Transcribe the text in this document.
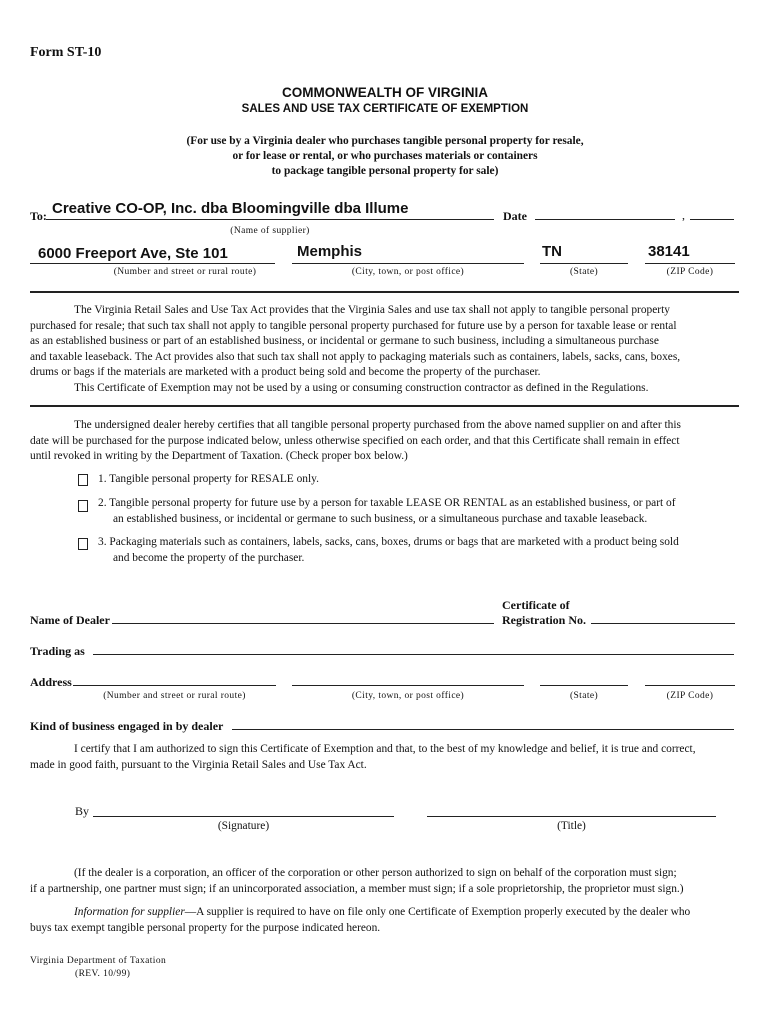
Form ST-10
COMMONWEALTH OF VIRGINIA
SALES AND USE TAX CERTIFICATE OF EXEMPTION
(For use by a Virginia dealer who purchases tangible personal property for resale,
or for lease or rental, or who purchases materials or containers
to package tangible personal property for sale)
To: Creative CO-OP, Inc. dba Bloomingville dba Illume
(Name of supplier)
Date	,
6000 Freeport Ave, Ste 101	Memphis	TN	38141
(Number and street or rural route)	(City, town, or post office)	(State)	(ZIP Code)
The Virginia Retail Sales and Use Tax Act provides that the Virginia Sales and use tax shall not apply to tangible personal property
purchased for resale; that such tax shall not apply to tangible personal property purchased for future use by a person for taxable lease or rental
as an established business or part of an established business, or incidental or germane to such business, including a simultaneous purchase
and taxable leaseback. The Act provides also that such tax shall not apply to packaging materials such as containers, labels, sacks, cans, boxes,
drums or bags if the materials are marketed with a product being sold and become the property of the purchaser.
This Certificate of Exemption may not be used by a using or consuming construction contractor as defined in the Regulations.
The undersigned dealer hereby certifies that all tangible personal property purchased from the above named supplier on and after this
date will be purchased for the purpose indicated below, unless otherwise specified on each order, and that this Certificate shall remain in effect
until revoked in writing by the Department of Taxation. (Check proper box below.)
1. Tangible personal property for RESALE only.
2. Tangible personal property for future use by a person for taxable LEASE OR RENTAL as an established business, or part of
an established business, or incidental or germane to such business, or a simultaneous purchase and taxable leaseback.
3. Packaging materials such as containers, labels, sacks, cans, boxes, drums or bags that are marketed with a product being sold
and become the property of the purchaser.
Name of Dealer
Certificate of
Registration No.
Trading as
Address
(Number and street or rural route)	(City, town, or post office)	(State)	(ZIP Code)
Kind of business engaged in by dealer
I certify that I am authorized to sign this Certificate of Exemption and that, to the best of my knowledge and belief, it is true and correct,
made in good faith, pursuant to the Virginia Retail Sales and Use Tax Act.
By
(Signature)	(Title)
(If the dealer is a corporation, an officer of the corporation or other person authorized to sign on behalf of the corporation must sign;
if a partnership, one partner must sign; if an unincorporated association, a member must sign; if a sole proprietorship, the proprietor must sign.)
Information for supplier—A supplier is required to have on file only one Certificate of Exemption properly executed by the dealer who
buys tax exempt tangible personal property for the purpose indicated hereon.
Virginia Department of Taxation
(REV. 10/99)
